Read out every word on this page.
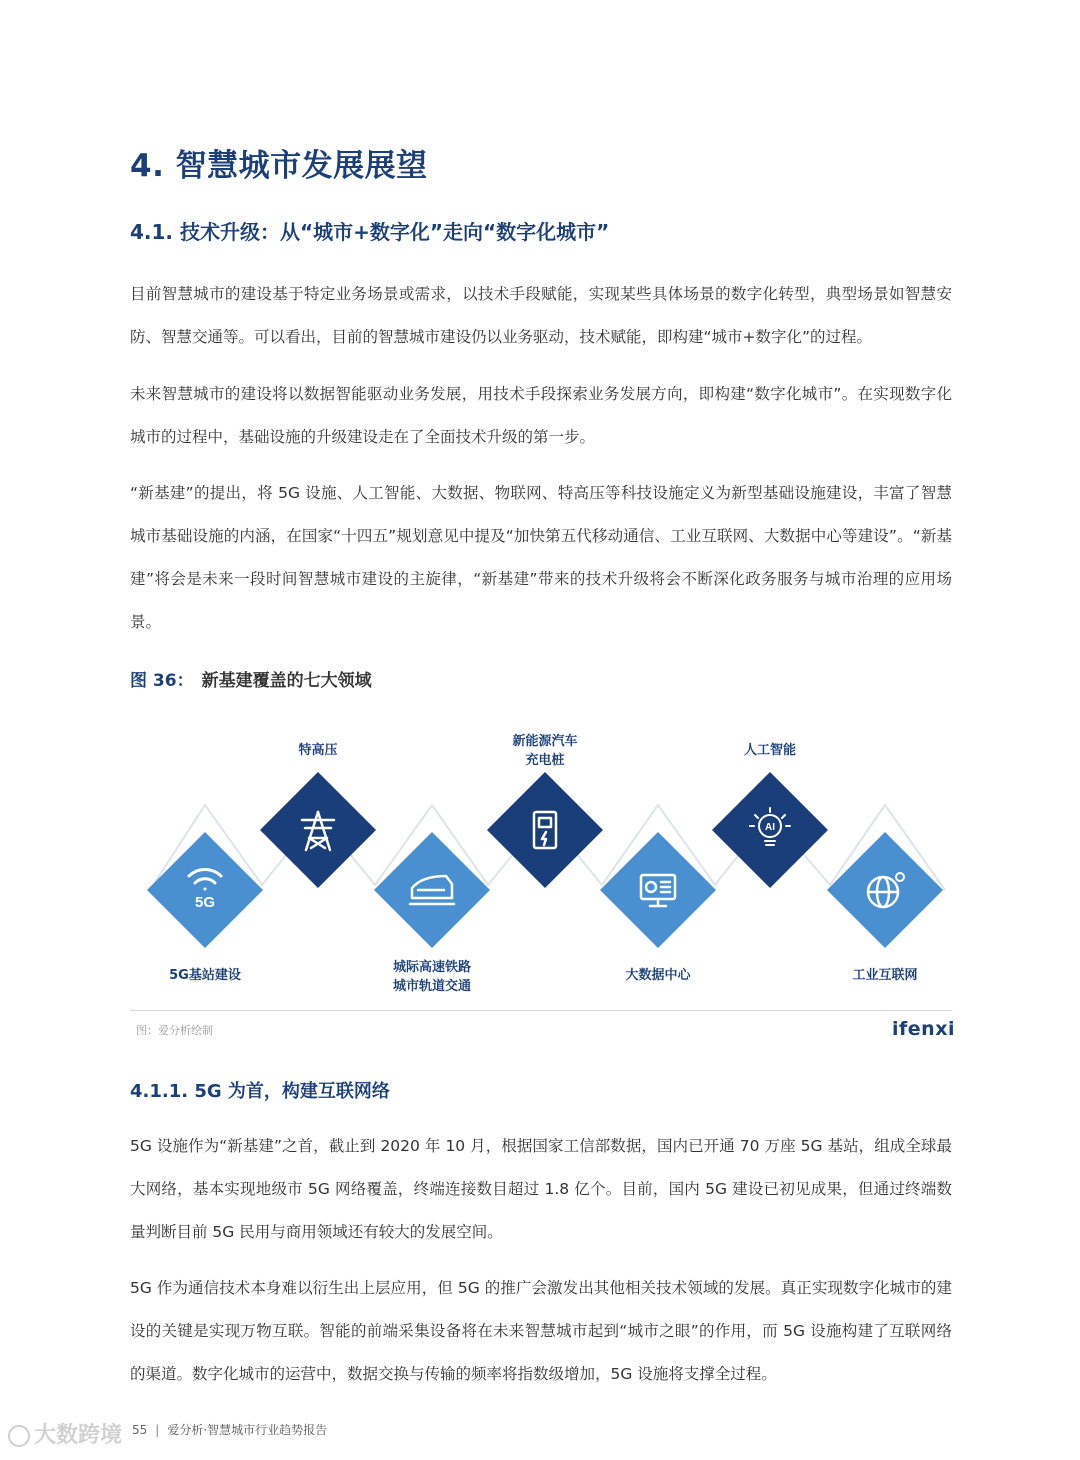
4. 智慧城市发展展望
4.1. 技术升级：从“城市+数字化”走向“数字化城市”

目前智慧城市的建设基于特定业务场景或需求，以技术手段赋能，实现某些具体场景的数字化转型，典型场景如智慧安防、智慧交通等。可以看出，目前的智慧城市建设仍以业务驱动，技术赋能，即构建“城市+数字化”的过程。

未来智慧城市的建设将以数据智能驱动业务发展，用技术手段探索业务发展方向，即构建“数字化城市”。在实现数字化城市的过程中，基础设施的升级建设走在了全面技术升级的第一步。

“新基建”的提出，将 5G 设施、人工智能、大数据、物联网、特高压等科技设施定义为新型基础设施建设，丰富了智慧城市基础设施的内涵，在国家“十四五”规划意见中提及“加快第五代移动通信、工业互联网、大数据中心等建设”。“新基建”将会是未来一段时间智慧城市建设的主旋律，“新基建”带来的技术升级将会不断深化政务服务与城市治理的应用场景。

图 36： 新基建覆盖的七大领域
5G
AI
特高压
新能源汽车
充电桩
人工智能
5G基站建设
城际高速铁路
城市轨道交通
大数据中心	工业互联网
图：爱分析绘制	ifenxi
4.1.1. 5G 为首，构建互联网络

5G 设施作为“新基建”之首，截止到 2020 年 10 月，根据国家工信部数据，国内已开通 70 万座 5G 基站，组成全球最大网络，基本实现地级市 5G 网络覆盖，终端连接数目超过 1.8 亿个。目前，国内 5G 建设已初见成果，但通过终端数量判断目前 5G 民用与商用领域还有较大的发展空间。

5G 作为通信技术本身难以衍生出上层应用，但 5G 的推广会激发出其他相关技术领域的发展。真正实现数字化城市的建设的关键是实现万物互联。智能的前端采集设备将在未来智慧城市起到“城市之眼”的作用，而 5G 设施构建了互联网络的渠道。数字化城市的运营中，数据交换与传输的频率将指数级增加，5G 设施将支撑全过程。

大数跨境 55 | 爱分析·智慧城市行业趋势报告
